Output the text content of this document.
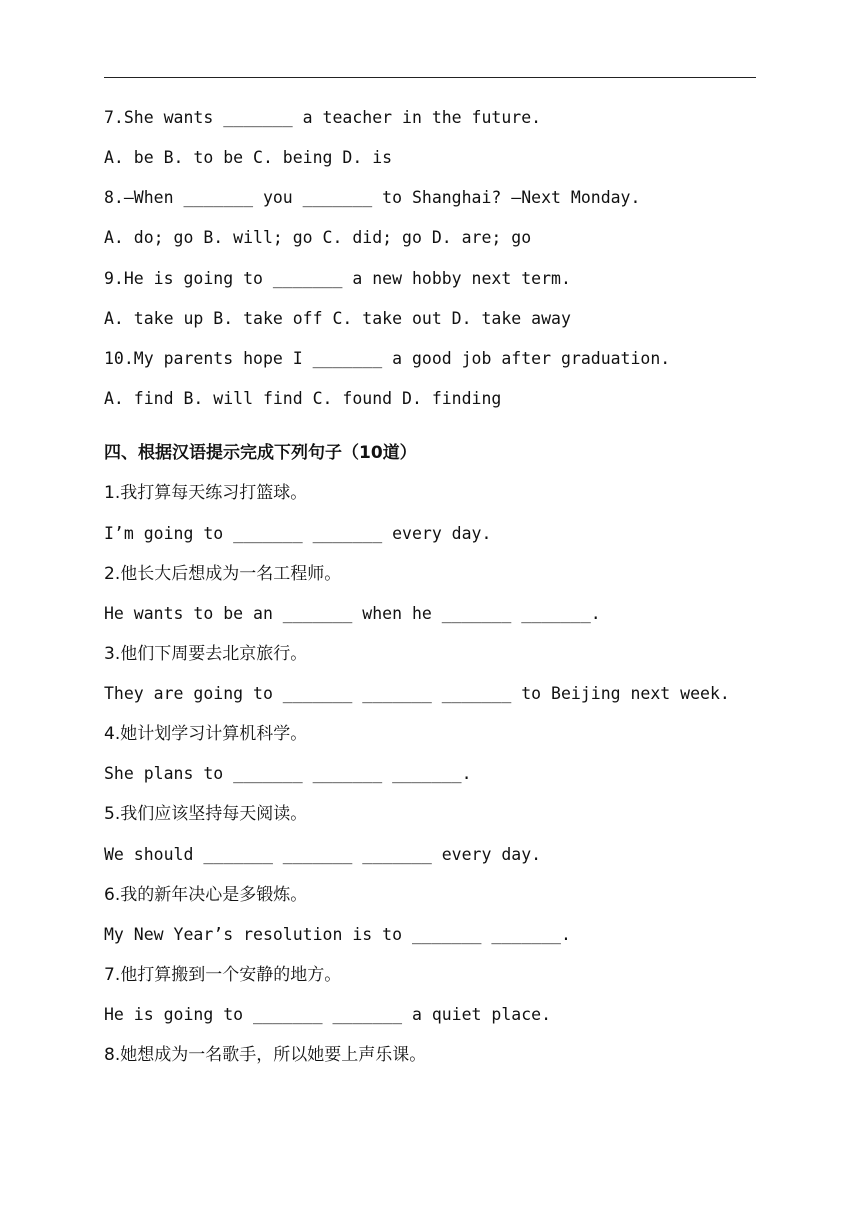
7.She wants _______ a teacher in the future.
A. be B. to be C. being D. is
8.—When _______ you _______ to Shanghai? —Next Monday.
A. do; go B. will; go C. did; go D. are; go
9.He is going to _______ a new hobby next term.
A. take up B. take off C. take out D. take away
10.My parents hope I _______ a good job after graduation.
A. find B. will find C. found D. finding
四、根据汉语提示完成下列句子（10道）
1.我打算每天练习打篮球。
I’m going to _______ _______ every day.
2.他长大后想成为一名工程师。
He wants to be an _______ when he _______ _______.
3.他们下周要去北京旅行。
They are going to _______ _______ _______ to Beijing next week.
4.她计划学习计算机科学。
She plans to _______ _______ _______.
5.我们应该坚持每天阅读。
We should _______ _______ _______ every day.
6.我的新年决心是多锻炼。
My New Year’s resolution is to _______ _______.
7.他打算搬到一个安静的地方。
He is going to _______ _______ a quiet place.
8.她想成为一名歌手，所以她要上声乐课。
